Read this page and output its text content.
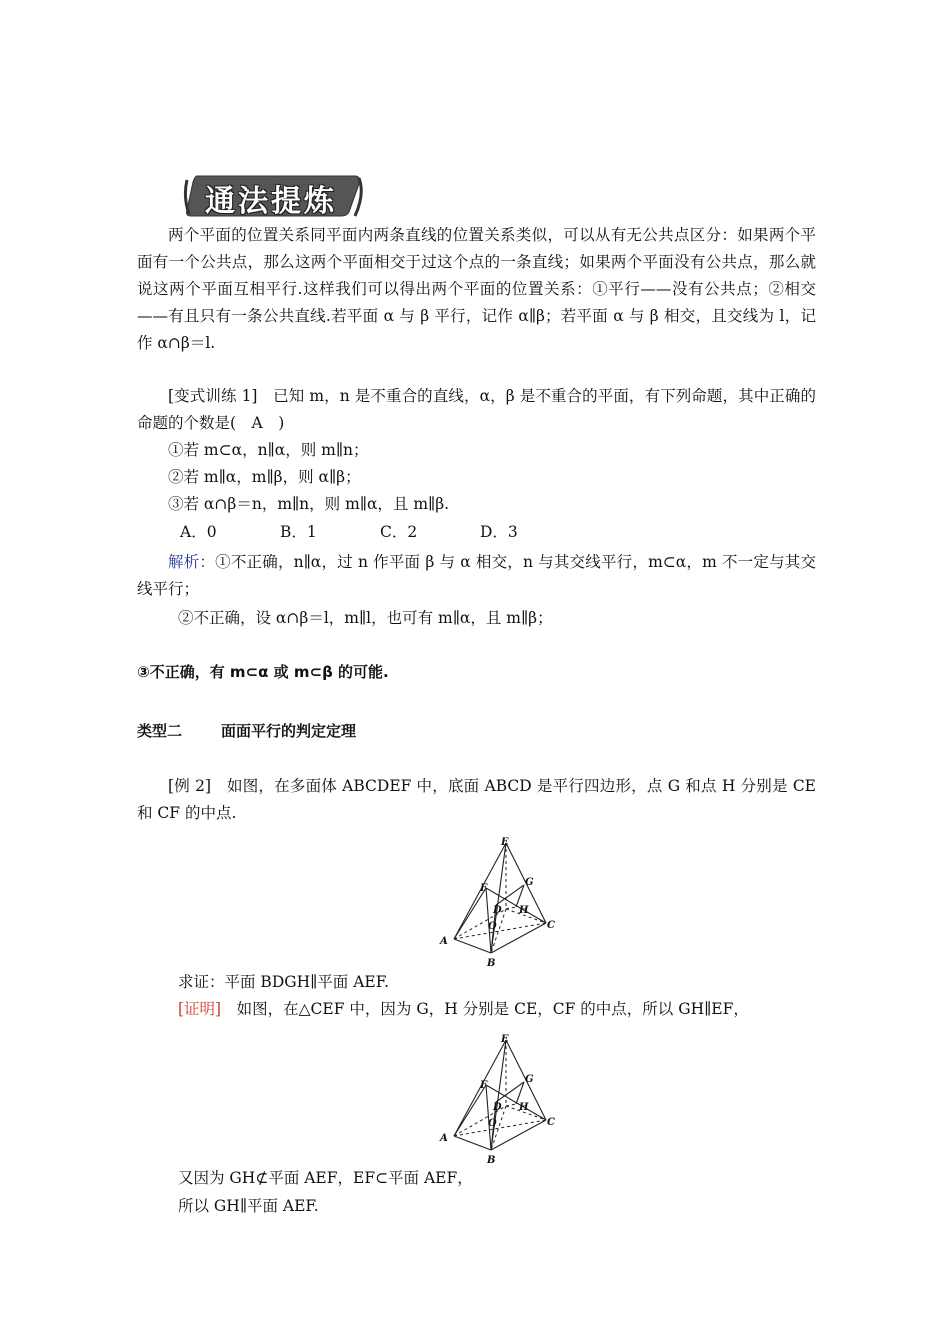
通法提炼
两个平面的位置关系同平面内两条直线的位置关系类似，可以从有无公共点区分：如果两个平面有一个公共点，那么这两个平面相交于过这个点的一条直线；如果两个平面没有公共点，那么就说这两个平面互相平行.这样我们可以得出两个平面的位置关系：①平行——没有公共点；②相交——有且只有一条公共直线.若平面 α 与 β 平行，记作 α∥β；若平面 α 与 β 相交，且交线为 l，记作 α∩β＝l.
[变式训练 1]　已知 m，n 是不重合的直线，α，β 是不重合的平面，有下列命题，其中正确的命题的个数是(　A　)
①若 m⊂α，n∥α，则 m∥n；
②若 m∥α，m∥β，则 α∥β；
③若 α∩β＝n，m∥n，则 m∥α，且 m∥β.
A．0	B．1	C．2	D．3
解析：①不正确，n∥α，过 n 作平面 β 与 α 相交，n 与其交线平行，m⊂α，m 不一定与其交线平行；
②不正确，设 α∩β＝l，m∥l，也可有 m∥α，且 m∥β；
③不正确，有 m⊂α 或 m⊂β 的可能.
类型二	面面平行的判定定理
[例 2]　如图，在多面体 ABCDEF 中，底面 ABCD 是平行四边形，点 G 和点 H 分别是 CE 和 CF 的中点.
E
F
G
D H
O
A
C
B
求证：平面 BDGH∥平面 AEF.
[证明]　 如图，在△CEF 中，因为 G，H 分别是 CE，CF 的中点，所以 GH∥EF，
E
F
G
D H
O
A
C
B
又因为 GH⊄平面 AEF，EF⊂平面 AEF，
所以 GH∥平面 AEF.
